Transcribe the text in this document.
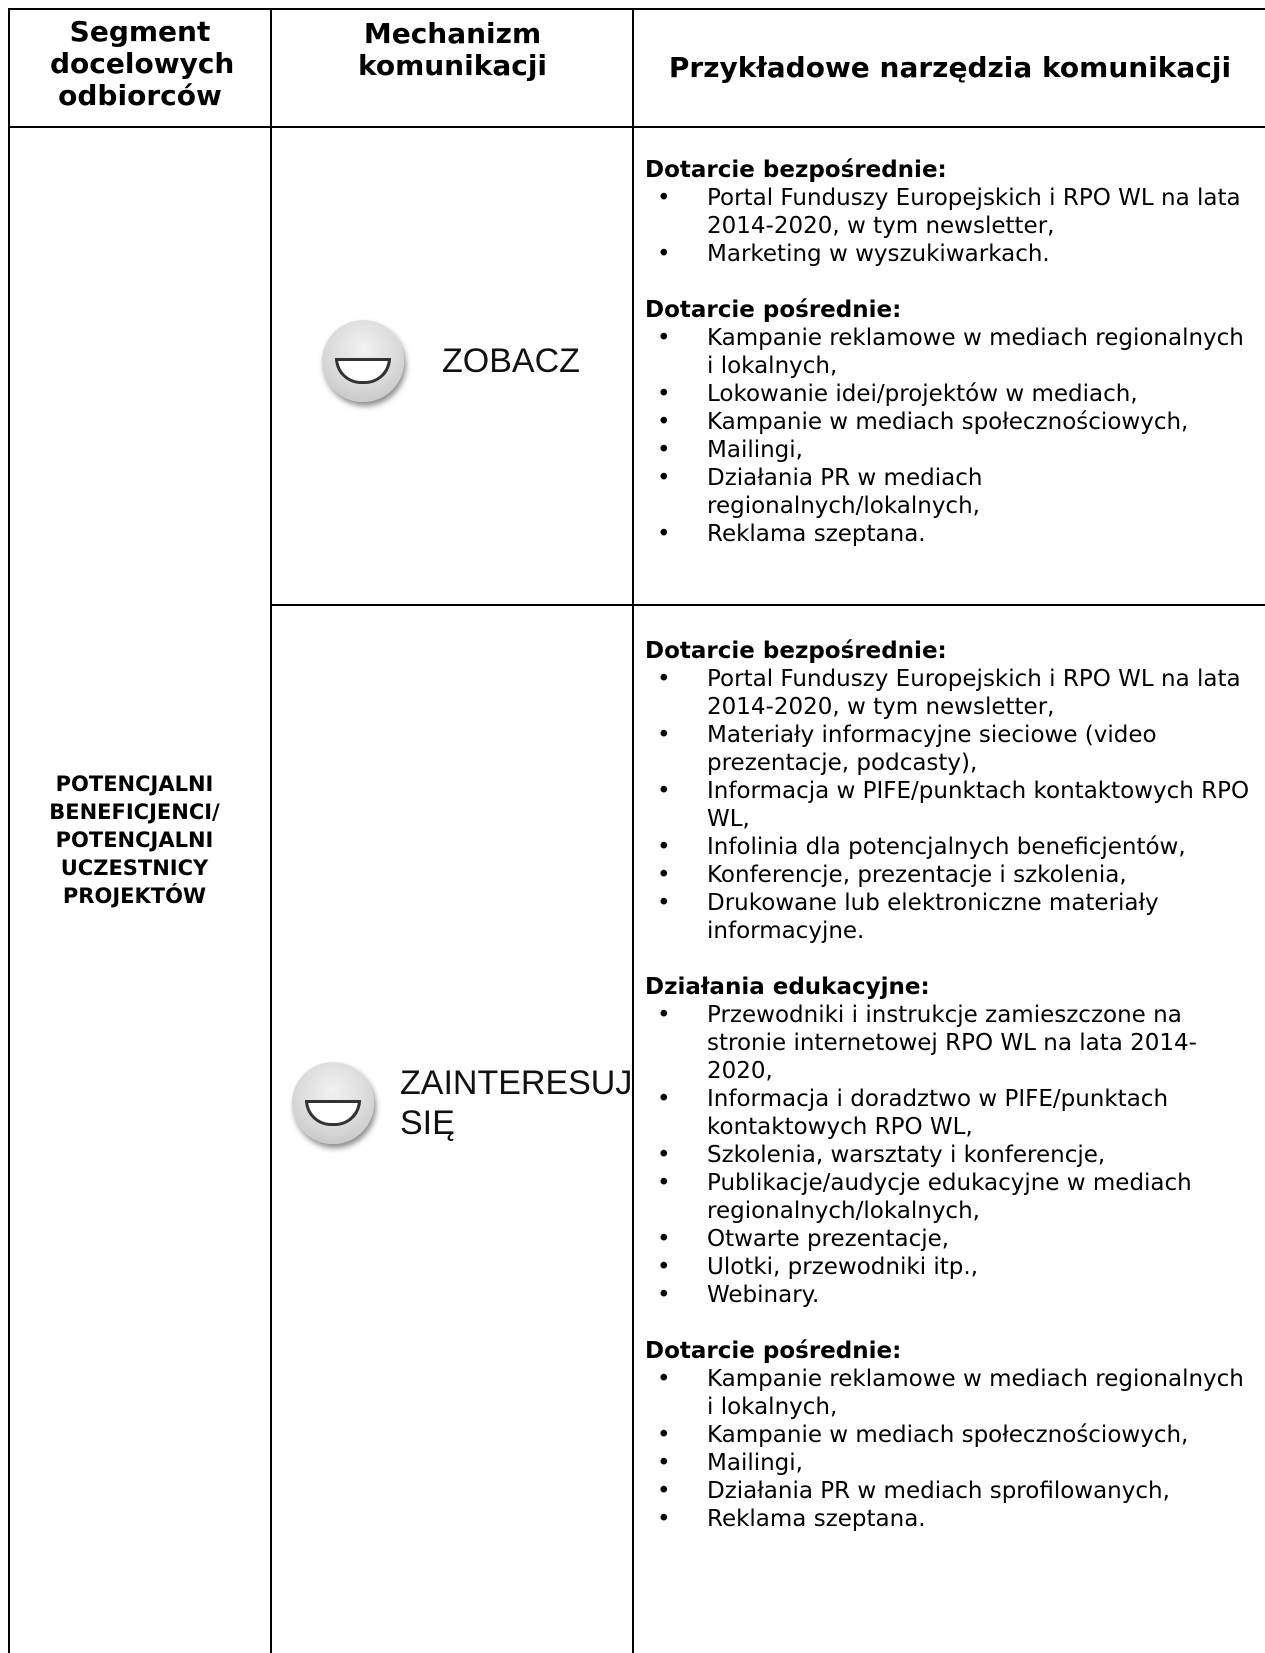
Segment docelowych odbiorców
Mechanizm komunikacji	Przykładowe narzędzia komunikacji
POTENCJALNI BENEFICJENCI/ POTENCJALNI UCZESTNICY PROJEKTÓW
ZOBACZ
ZAINTERESUJ SIĘ
Dotarcie bezpośrednie:
• Portal Funduszy Europejskich i RPO WL na lata 2014-2020, w tym newsletter,
• Marketing w wyszukiwarkach.
Dotarcie pośrednie:
• Kampanie reklamowe w mediach regionalnych i lokalnych,
• Lokowanie idei/projektów w mediach,
• Kampanie w mediach społecznościowych,
• Mailingi,
• Działania PR w mediach regionalnych/lokalnych,
• Reklama szeptana.
Dotarcie bezpośrednie:
• Portal Funduszy Europejskich i RPO WL na lata 2014-2020, w tym newsletter,
• Materiały informacyjne sieciowe (video prezentacje, podcasty),
• Informacja w PIFE/punktach kontaktowych RPO WL,
• Infolinia dla potencjalnych beneficjentów,
• Konferencje, prezentacje i szkolenia,
• Drukowane lub elektroniczne materiały informacyjne.
Działania edukacyjne:
• Przewodniki i instrukcje zamieszczone na stronie internetowej RPO WL na lata 2014-2020,
• Informacja i doradztwo w PIFE/punktach kontaktowych RPO WL,
• Szkolenia, warsztaty i konferencje,
• Publikacje/audycje edukacyjne w mediach regionalnych/lokalnych,
• Otwarte prezentacje,
• Ulotki, przewodniki itp.,
• Webinary.
Dotarcie pośrednie:
• Kampanie reklamowe w mediach regionalnych i lokalnych,
• Kampanie w mediach społecznościowych,
• Mailingi,
• Działania PR w mediach sprofilowanych,
• Reklama szeptana.
